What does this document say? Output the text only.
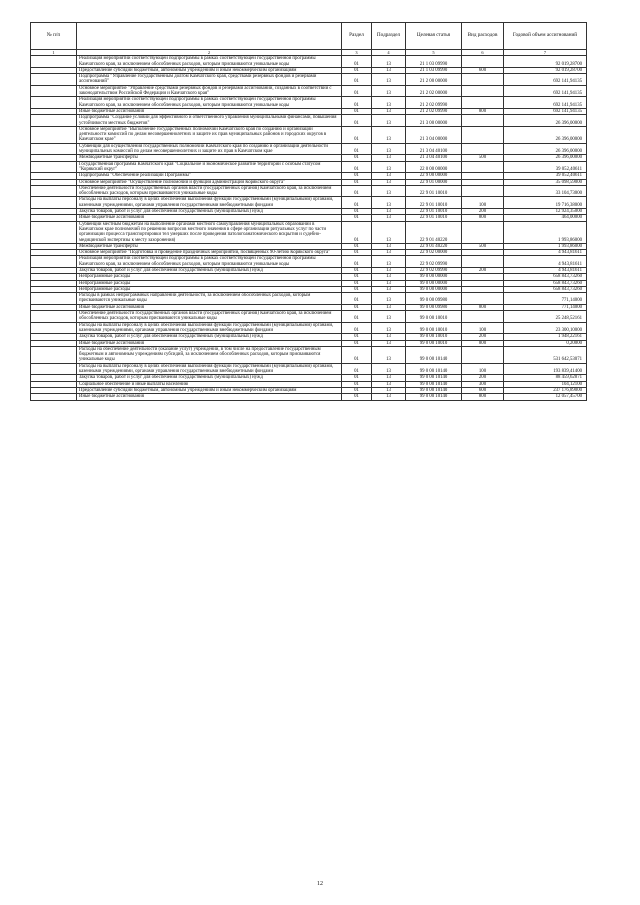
№ п/п		Раздел	Подраздел	Целевая статья	Вид расходов	Годовой объем ассигнований
1	2	3	4	5	6	7
	Реализация мероприятий соответствующей подпрограммы в рамках соответствующей государственной программы Камчатского края, за исключением обособленных расходов, которым присваиваются уникальные коды	01	13	21 1 03 09990		92 019,28700
	Предоставление субсидий бюджетным, автономным учреждениям и иным некоммерческим организациям	01	13	21 1 03 09990	600	92 019,28700
	Подпрограмма "Управление государственным долгом Камчатского края, средствами резервных фондов и резервами ассигнований"	01	13	21 2 00 00000		692 141,94135
	Основное мероприятие "Управление средствами резервных фондов и резервами ассигнований, созданных в соответствии с законодательством Российской Федерации и Камчатского края"	01	13	21 2 02 00000		692 141,94135
	Реализация мероприятий соответствующей подпрограммы в рамках соответствующей государственной программы Камчатского края, за исключением обособленных расходов, которым присваиваются уникальные коды	01	13	21 2 02 09990		692 141,94135
	Иные бюджетные ассигнования	01	13	21 2 02 09990	800	692 141,94135
	Подпрограмма "Создание условий для эффективного и ответственного управления муниципальными финансами, повышения устойчивости местных бюджетов"	01	13	21 3 00 00000		26 396,00000
	Основное мероприятие "Выполнение государственных полномочий Камчатского края по созданию и организации деятельности комиссий по делам несовершеннолетних и защите их прав муниципальных районов и городских округов в Камчатском крае"	01	13	21 3 04 00000		26 396,00000
	Субвенции для осуществления государственных полномочий Камчатского края по созданию и организации деятельности муниципальных комиссий по делам несовершеннолетних и защите их прав в Камчатском крае	01	13	21 3 04 40100		26 396,00000
	Межбюджетные трансферты	01	13	21 3 04 40100	500	26 396,00000
	Государственная программа Камчатского края "Социальное и экономическое развитие территории с особым статусом "Корякский округ"	01	13	22 0 00 00000		39 052,40611
	Подпрограмма "Обеспечение реализации Программы"	01	13	22 9 00 00000		39 052,40611
	Основное мероприятие "Осуществление полномочий и функций администрации Корякского округа"	01	13	22 9 01 00000		35 098,59000
	Обеспечение деятельности государственных органов власти (государственных органов) Камчатского края, за исключением обособленных расходов, которым присваиваются уникальные коды	01	13	22 9 01 10010		33 104,73000
	Расходы на выплаты персоналу в целях обеспечения выполнения функций государственными (муниципальными) органами, казенными учреждениями, органами управления государственными внебюджетными фондами	01	13	22 9 01 10010	100	19 716,38000
	Закупка товаров, работ и услуг для обеспечения государственных (муниципальных) нужд	01	13	22 9 01 10010	200	12 924,35000
	Иные бюджетные ассигнования	01	13	22 9 01 10010	800	464,00000
	Субвенции местным бюджетам на выполнение органами местного самоуправления муниципальных образований в Камчатском крае полномочий по решению вопросов местного значения в сфере организации ритуальных услуг по части организации процесса транспортировки тел умерших после проведения патологоанатомического вскрытия и судебно-медицинской экспертизы к месту захоронения)	01	13	22 9 01 40220		1 993,86000
	Межбюджетные трансферты	01	13	22 9 01 40220	500	1 993,86000
	Основное мероприятие "Подготовка и проведение праздничных мероприятий, посвященных 90-летию Корякского округа"	01	13	22 9 02 00000		4 943,81611
	Реализация мероприятий соответствующей подпрограммы в рамках соответствующей государственной программы Камчатского края, за исключением обособленных расходов, которым присваиваются уникальные коды	01	13	22 9 02 09990		4 943,81611
	Закупка товаров, работ и услуг для обеспечения государственных (муниципальных) нужд	01	13	22 9 02 09990	200	4 943,81611
	Непрограммные расходы	01	13	99 0 00 00000		658 843,73260
	Непрограммные расходы	01	13	99 0 00 00000		658 843,73260
	Непрограммные расходы	01	13	99 0 00 00000		658 843,73260
	Расходы в рамках непрограммных направлений деятельности, за исключением обособленных расходов, которым присваиваются уникальные коды	01	13	99 0 00 09980		771,14000
	Иные бюджетные ассигнования	01	13	99 0 00 09980	800	771,14000
	Обеспечение деятельности государственных органов власти (государственных органов) Камчатского края, за исключением обособленных расходов, которым присваиваются уникальные коды	01	13	99 0 00 10010		25 248,52161
	Расходы на выплаты персоналу в целях обеспечения выполнения функций государственными (муниципальными) органами, казенными учреждениями, органами управления государственными внебюджетными фондами	01	13	99 0 00 10010	100	23 300,10000
	Закупка товаров, работ и услуг для обеспечения государственных (муниципальных) нужд	01	13	99 0 00 10010	200	1 948,22161
	Иные бюджетные ассигнования	01	13	99 0 00 10010	800	0,20000
	Расходы на обеспечение деятельности (оказание услуг) учреждений, в том числе на предоставление государственным бюджетным и автономным учреждениям субсидий, за исключением обособленных расходов, которым присваиваются уникальные коды	01	13	99 0 00 10140		531 642,53071
	Расходы на выплаты персоналу в целях обеспечения выполнения функций государственными (муниципальными) органами, казенными учреждениями, органами управления государственными внебюджетными фондами	01	13	99 0 00 10140	100	193 839,41400
	Закупка товаров, работ и услуг для обеспечения государственных (муниципальных) нужд	01	13	99 0 00 10140	200	88 459,62871
	Социальное обеспечение и иные выплаты населению	01	13	99 0 00 10140	300	104,12100
	Предоставление субсидий бюджетным, автономным учреждениям и иным некоммерческим организациям	01	13	99 0 00 10140	600	237 176,89000
	Иные бюджетные ассигнования	01	13	99 0 00 10140	800	12 057,45700
12
